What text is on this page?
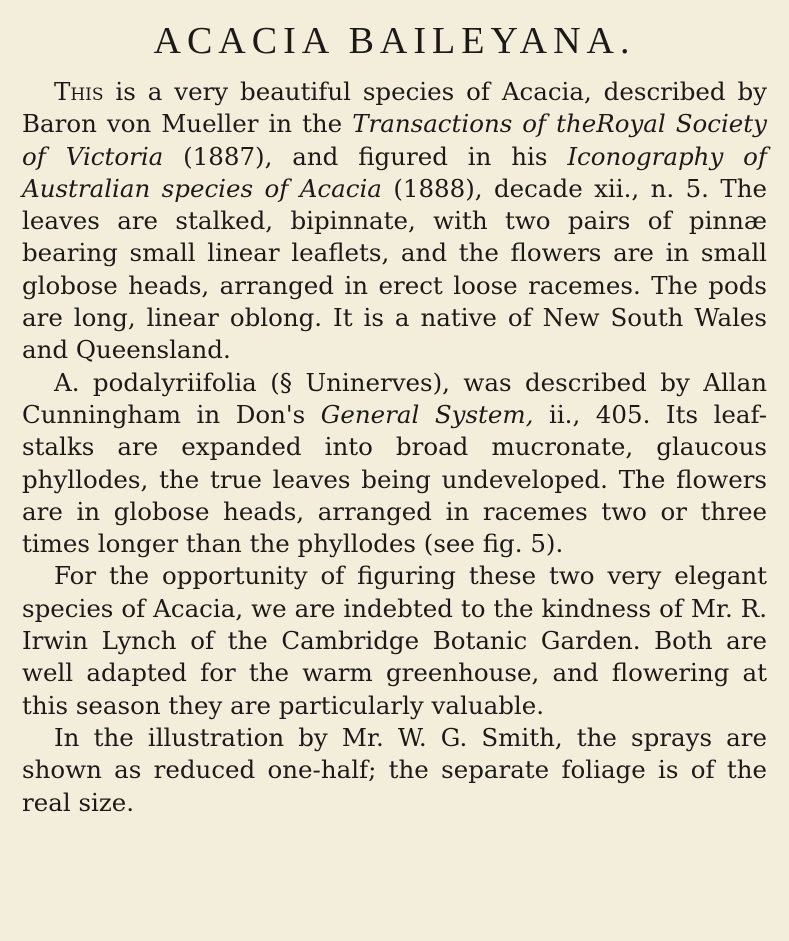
ACACIA BAILEYANA.

This is a very beautiful species of Acacia, described by Baron von Mueller in the Transactions of theRoyal Society of Victoria (1887), and figured in his Iconography of Australian species of Acacia (1888), decade xii., n. 5. The leaves are stalked, bipinnate, with two pairs of pinnæ bearing small linear leaflets, and the flowers are in small globose heads, arranged in erect loose racemes. The pods are long, linear oblong. It is a native of New South Wales and Queensland.

A. podalyriifolia (§ Uninerves), was described by Allan Cunningham in Don's General System, ii., 405. Its leaf-stalks are expanded into broad mucronate, glaucous phyllodes, the true leaves being undeveloped. The flowers are in globose heads, arranged in racemes two or three times longer than the phyllodes (see fig. 5).

For the opportunity of figuring these two very elegant species of Acacia, we are indebted to the kindness of Mr. R. Irwin Lynch of the Cambridge Botanic Garden. Both are well adapted for the warm greenhouse, and flowering at this season they are particularly valuable.

In the illustration by Mr. W. G. Smith, the sprays are shown as reduced one-half; the separate foliage is of the real size.
